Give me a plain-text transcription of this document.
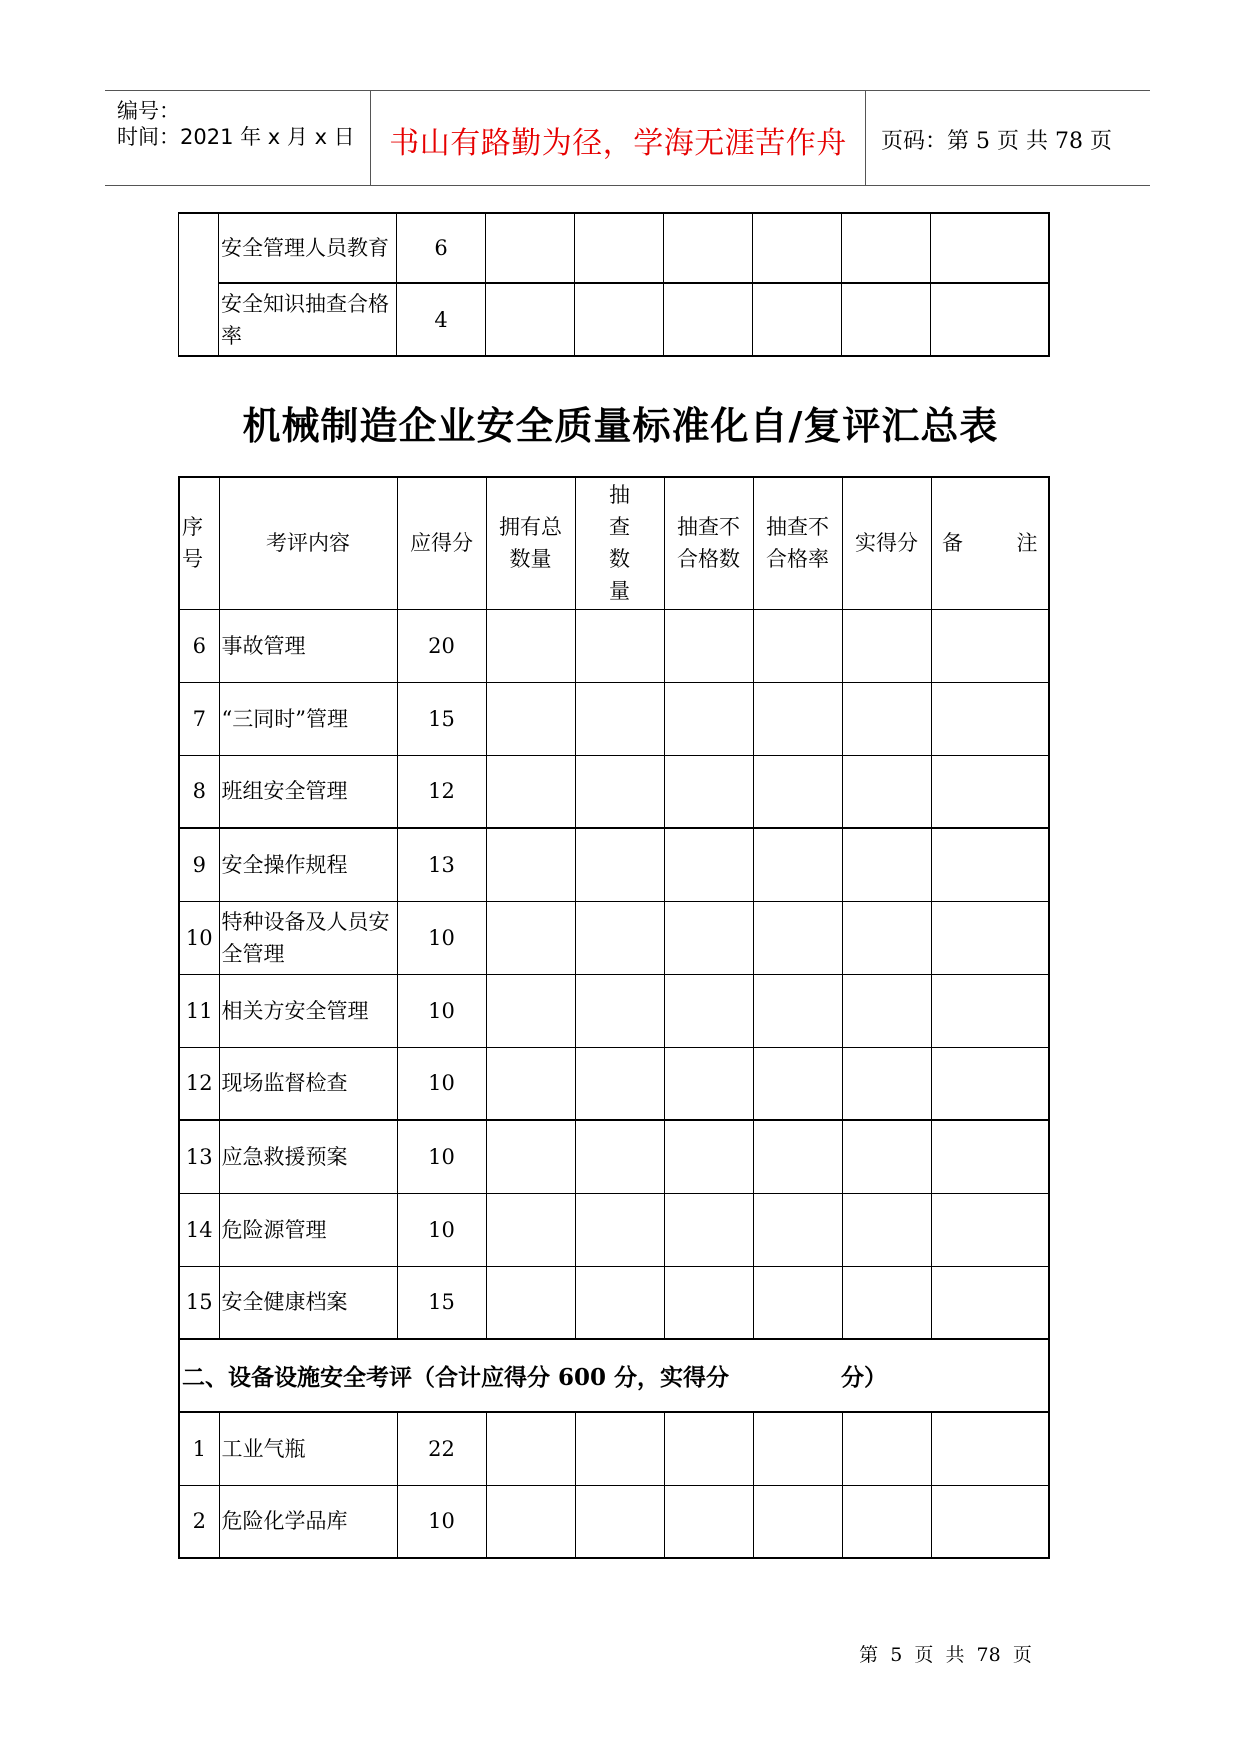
编号：
时间：2021 年 x 月 x 日	书山有路勤为径，学海无涯苦作舟	页码：第 5 页 共 78 页
	安全管理人员教育	6						
	安全知识抽查合格率	4						
机械制造企业安全质量标准化自/复评汇总表
序号	考评内容	应得分	拥有总数量	抽查数量	抽查不合格数	抽查不合格率	实得分	备        注
6	事故管理	20						
7	“三同时”管理	15						
8	班组安全管理	12						
9	安全操作规程	13						
10	特种设备及人员安全管理	10						
11	相关方安全管理	10						
12	现场监督检查	10						
13	应急救援预案	10						
14	危险源管理	10						
15	安全健康档案	15						
二、设备设施安全考评（合计应得分 600 分，实得分 分）								
1	工业气瓶	22						
2	危险化学品库	10						
第  5  页  共  78  页
